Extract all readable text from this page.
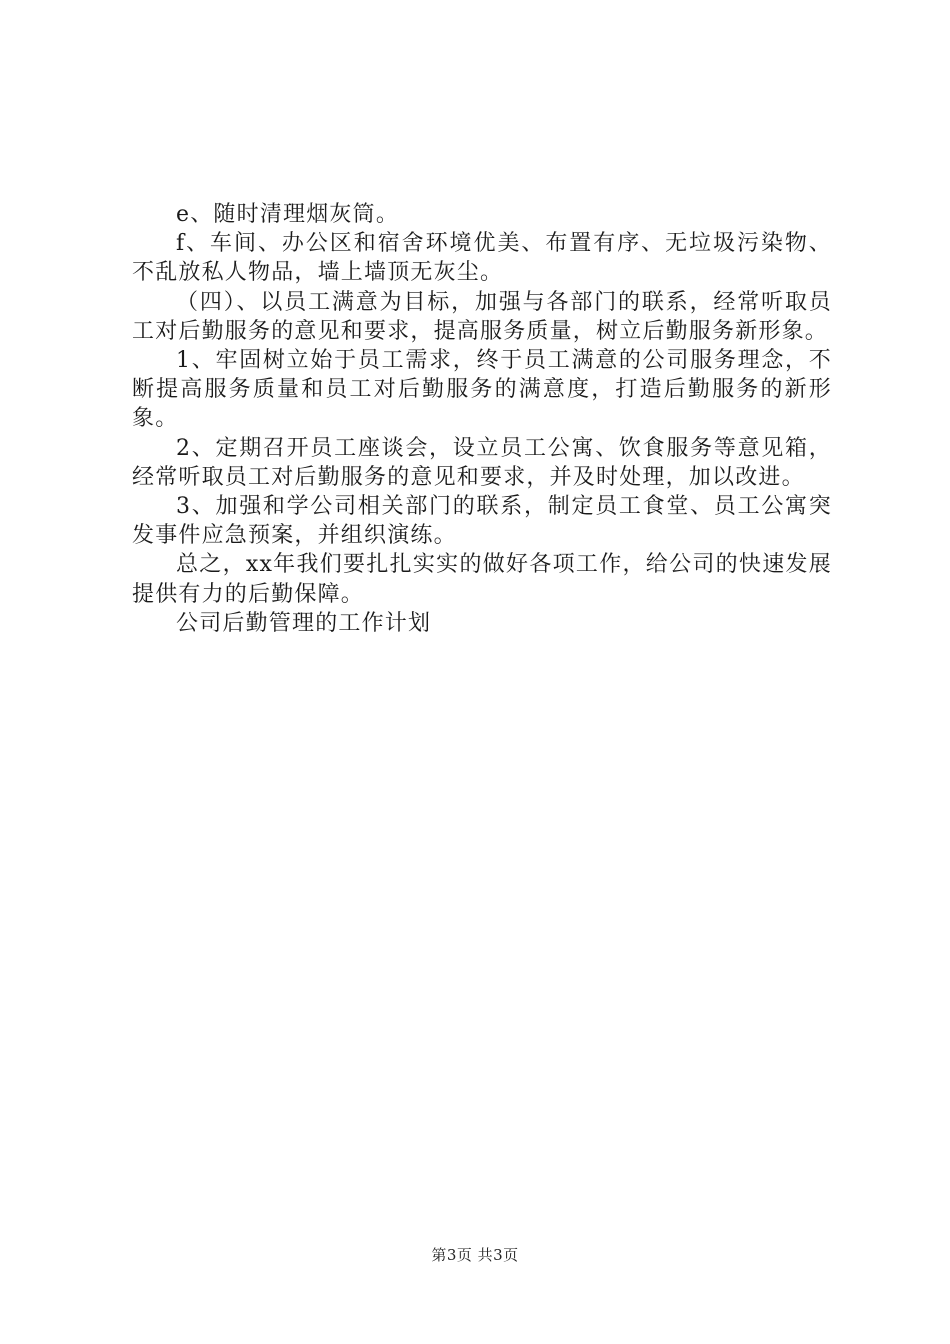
e、随时清理烟灰筒。

f、车间、办公区和宿舍环境优美、布置有序、无垃圾污染物、不乱放私人物品，墙上墙顶无灰尘。

（四）、以员工满意为目标，加强与各部门的联系，经常听取员工对后勤服务的意见和要求，提高服务质量，树立后勤服务新形象。

1、牢固树立始于员工需求，终于员工满意的公司服务理念，不断提高服务质量和员工对后勤服务的满意度，打造后勤服务的新形象。

2、定期召开员工座谈会，设立员工公寓、饮食服务等意见箱，经常听取员工对后勤服务的意见和要求，并及时处理，加以改进。

3、加强和学公司相关部门的联系，制定员工食堂、员工公寓突发事件应急预案，并组织演练。

总之，xx年我们要扎扎实实的做好各项工作，给公司的快速发展提供有力的后勤保障。

公司后勤管理的工作计划

第3页 共3页
